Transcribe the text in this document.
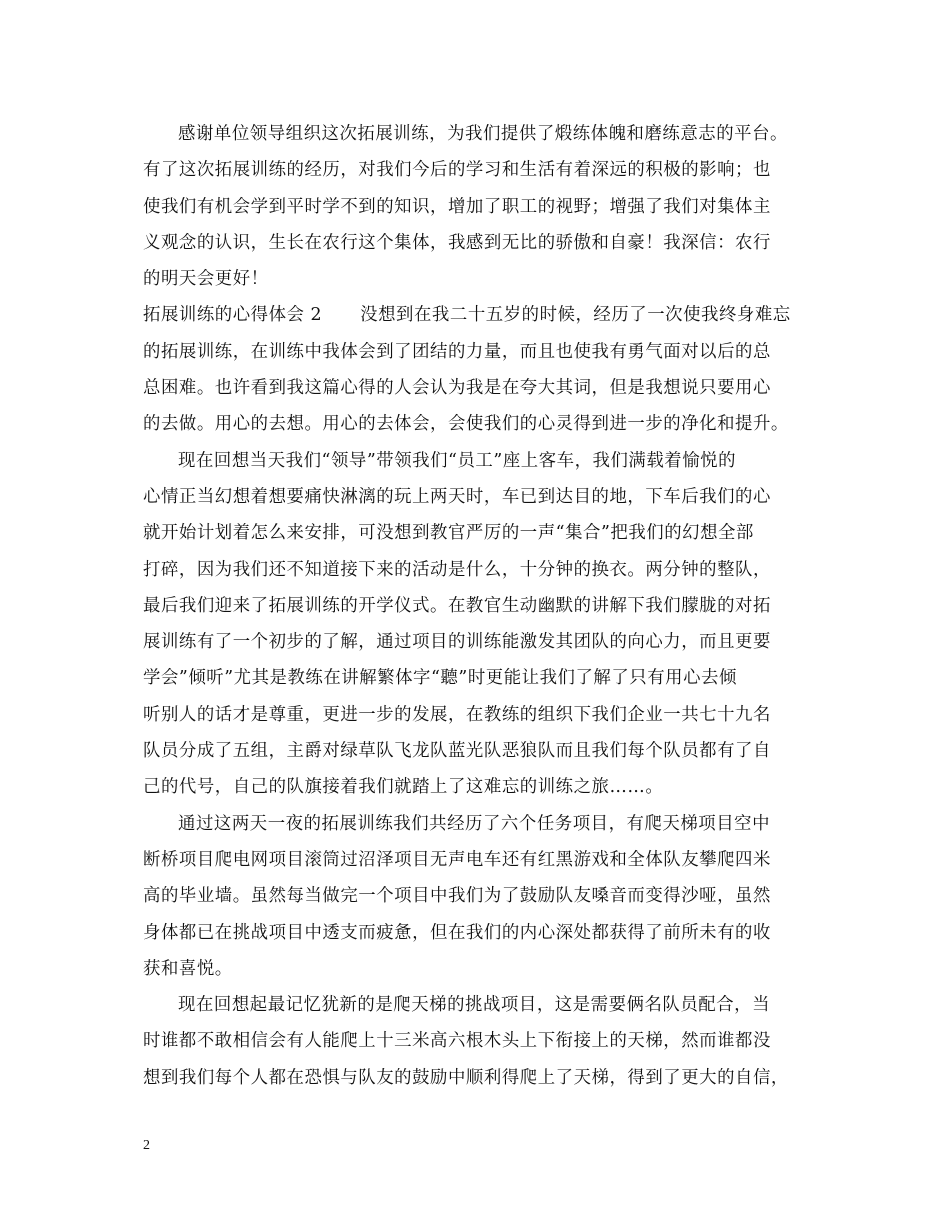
感谢单位领导组织这次拓展训练，为我们提供了煅练体魄和磨练意志的平台。
有了这次拓展训练的经历，对我们今后的学习和生活有着深远的积极的影响；也
使我们有机会学到平时学不到的知识，增加了职工的视野；增强了我们对集体主
义观念的认识，生长在农行这个集体，我感到无比的骄傲和自豪！我深信：农行
的明天会更好！
拓展训练的心得体会 2 没想到在我二十五岁的时候，经历了一次使我终身难忘
的拓展训练，在训练中我体会到了团结的力量，而且也使我有勇气面对以后的总
总困难。也许看到我这篇心得的人会认为我是在夸大其词，但是我想说只要用心
的去做。用心的去想。用心的去体会，会使我们的心灵得到进一步的净化和提升。
现在回想当天我们“领导”带领我们“员工”座上客车，我们满载着愉悦的
心情正当幻想着想要痛快淋漓的玩上两天时，车已到达目的地，下车后我们的心
就开始计划着怎么来安排，可没想到教官严厉的一声“集合”把我们的幻想全部
打碎，因为我们还不知道接下来的活动是什么，十分钟的换衣。两分钟的整队，
最后我们迎来了拓展训练的开学仪式。在教官生动幽默的讲解下我们朦胧的对拓
展训练有了一个初步的了解，通过项目的训练能激发其团队的向心力，而且更要
学会”倾听”尤其是教练在讲解繁体字“聽”时更能让我们了解了只有用心去倾
听别人的话才是尊重，更进一步的发展，在教练的组织下我们企业一共七十九名
队员分成了五组，主爵对绿草队飞龙队蓝光队恶狼队而且我们每个队员都有了自
己的代号，自己的队旗接着我们就踏上了这难忘的训练之旅……。
通过这两天一夜的拓展训练我们共经历了六个任务项目，有爬天梯项目空中
断桥项目爬电网项目滚筒过沼泽项目无声电车还有红黑游戏和全体队友攀爬四米
高的毕业墙。虽然每当做完一个项目中我们为了鼓励队友嗓音而变得沙哑，虽然
身体都已在挑战项目中透支而疲惫，但在我们的内心深处都获得了前所未有的收
获和喜悦。
现在回想起最记忆犹新的是爬天梯的挑战项目，这是需要俩名队员配合，当
时谁都不敢相信会有人能爬上十三米高六根木头上下衔接上的天梯，然而谁都没
想到我们每个人都在恐惧与队友的鼓励中顺利得爬上了天梯，得到了更大的自信，
2
